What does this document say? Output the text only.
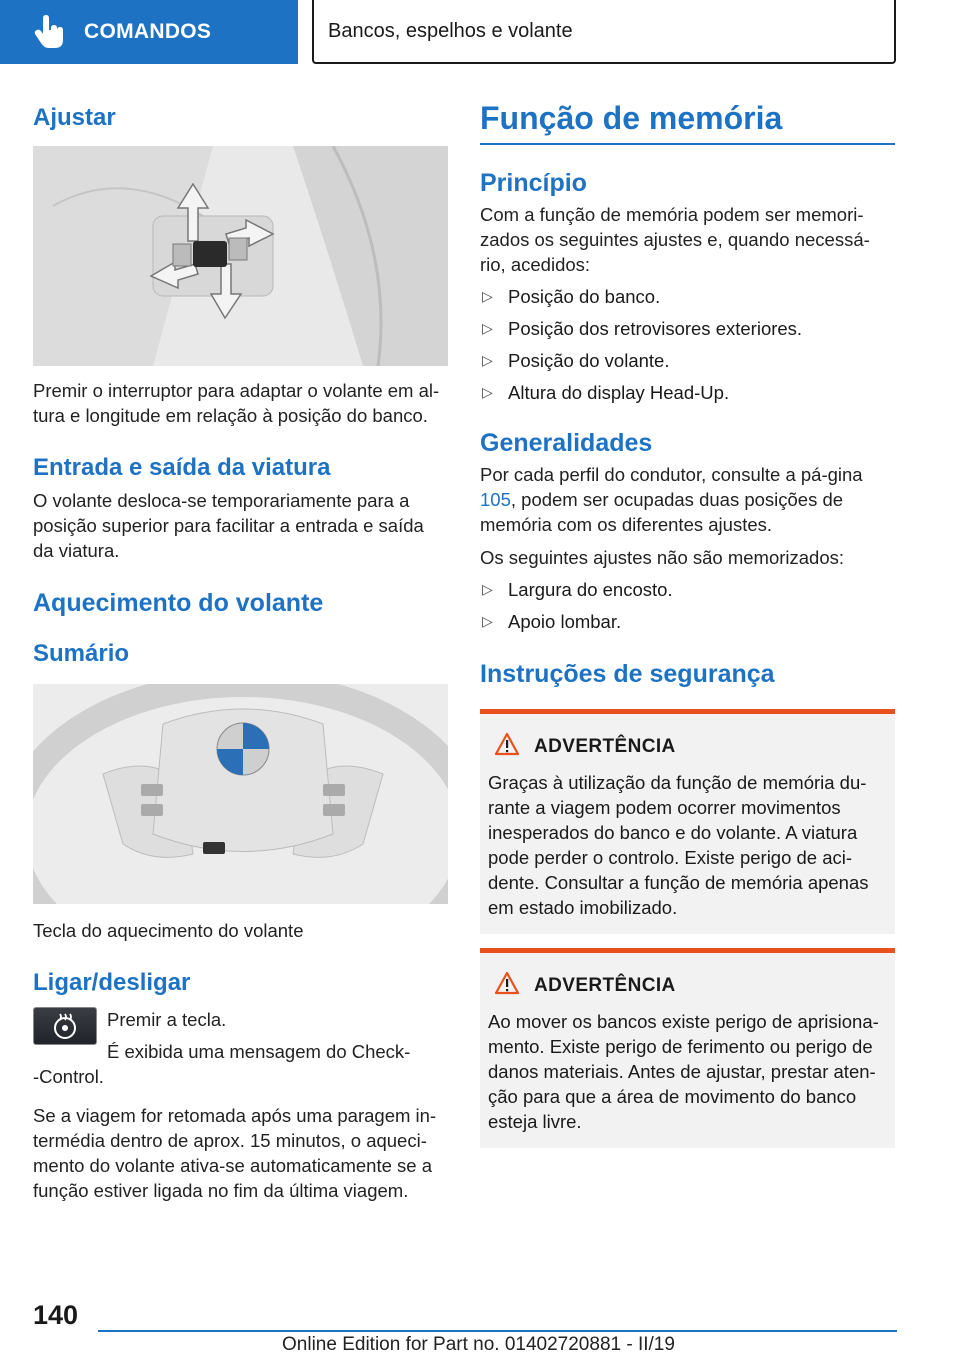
COMANDOS	Bancos, espelhos e volante
Ajustar
Premir o interruptor para adaptar o volante em al-tura e longitude em relação à posição do banco.
Entrada e saída da viatura
O volante desloca-se temporariamente para a posição superior para facilitar a entrada e saída da viatura.
Aquecimento do volante
Sumário
Tecla do aquecimento do volante
Ligar/desligar
Premir a tecla.
É exibida uma mensagem do Check-
-Control.
Se a viagem for retomada após uma paragem in-termédia dentro de aprox. 15 minutos, o aqueci-mento do volante ativa-se automaticamente se a função estiver ligada no fim da última viagem.
Função de memória
Princípio
Com a função de memória podem ser memori-zados os seguintes ajustes e, quando necessá-rio, acedidos:
▷ Posição do banco.
▷ Posição dos retrovisores exteriores.
▷ Posição do volante.
▷ Altura do display Head-Up.
Generalidades
Por cada perfil do condutor, consulte a pá-gina 105, podem ser ocupadas duas posições de memória com os diferentes ajustes.
Os seguintes ajustes não são memorizados:
▷ Largura do encosto.
▷ Apoio lombar.
Instruções de segurança
ADVERTÊNCIA
Graças à utilização da função de memória du-rante a viagem podem ocorrer movimentos inesperados do banco e do volante. A viatura pode perder o controlo. Existe perigo de aci-dente. Consultar a função de memória apenas em estado imobilizado.
ADVERTÊNCIA
Ao mover os bancos existe perigo de aprisiona-mento. Existe perigo de ferimento ou perigo de danos materiais. Antes de ajustar, prestar aten-ção para que a área de movimento do banco esteja livre.
140
Online Edition for Part no. 01402720881 - II/19
